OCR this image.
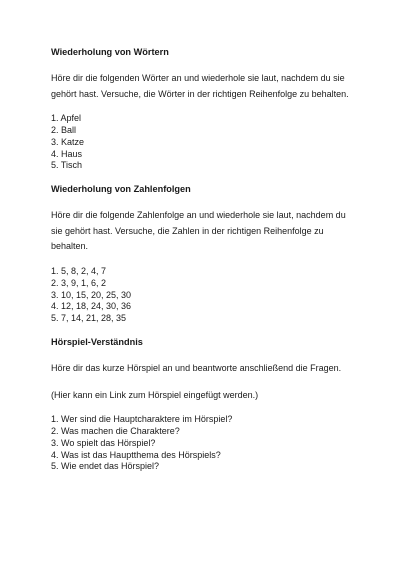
Wiederholung von Wörtern

Höre dir die folgenden Wörter an und wiederhole sie laut, nachdem du sie gehört hast. Versuche, die Wörter in der richtigen Reihenfolge zu behalten.

1. Apfel
2. Ball
3. Katze
4. Haus
5. Tisch
Wiederholung von Zahlenfolgen

Höre dir die folgende Zahlenfolge an und wiederhole sie laut, nachdem du sie gehört hast. Versuche, die Zahlen in der richtigen Reihenfolge zu behalten.

1. 5, 8, 2, 4, 7
2. 3, 9, 1, 6, 2
3. 10, 15, 20, 25, 30
4. 12, 18, 24, 30, 36
5. 7, 14, 21, 28, 35
Hörspiel-Verständnis

Höre dir das kurze Hörspiel an und beantworte anschließend die Fragen.

(Hier kann ein Link zum Hörspiel eingefügt werden.)

1. Wer sind die Hauptcharaktere im Hörspiel?
2. Was machen die Charaktere?
3. Wo spielt das Hörspiel?
4. Was ist das Hauptthema des Hörspiels?
5. Wie endet das Hörspiel?
